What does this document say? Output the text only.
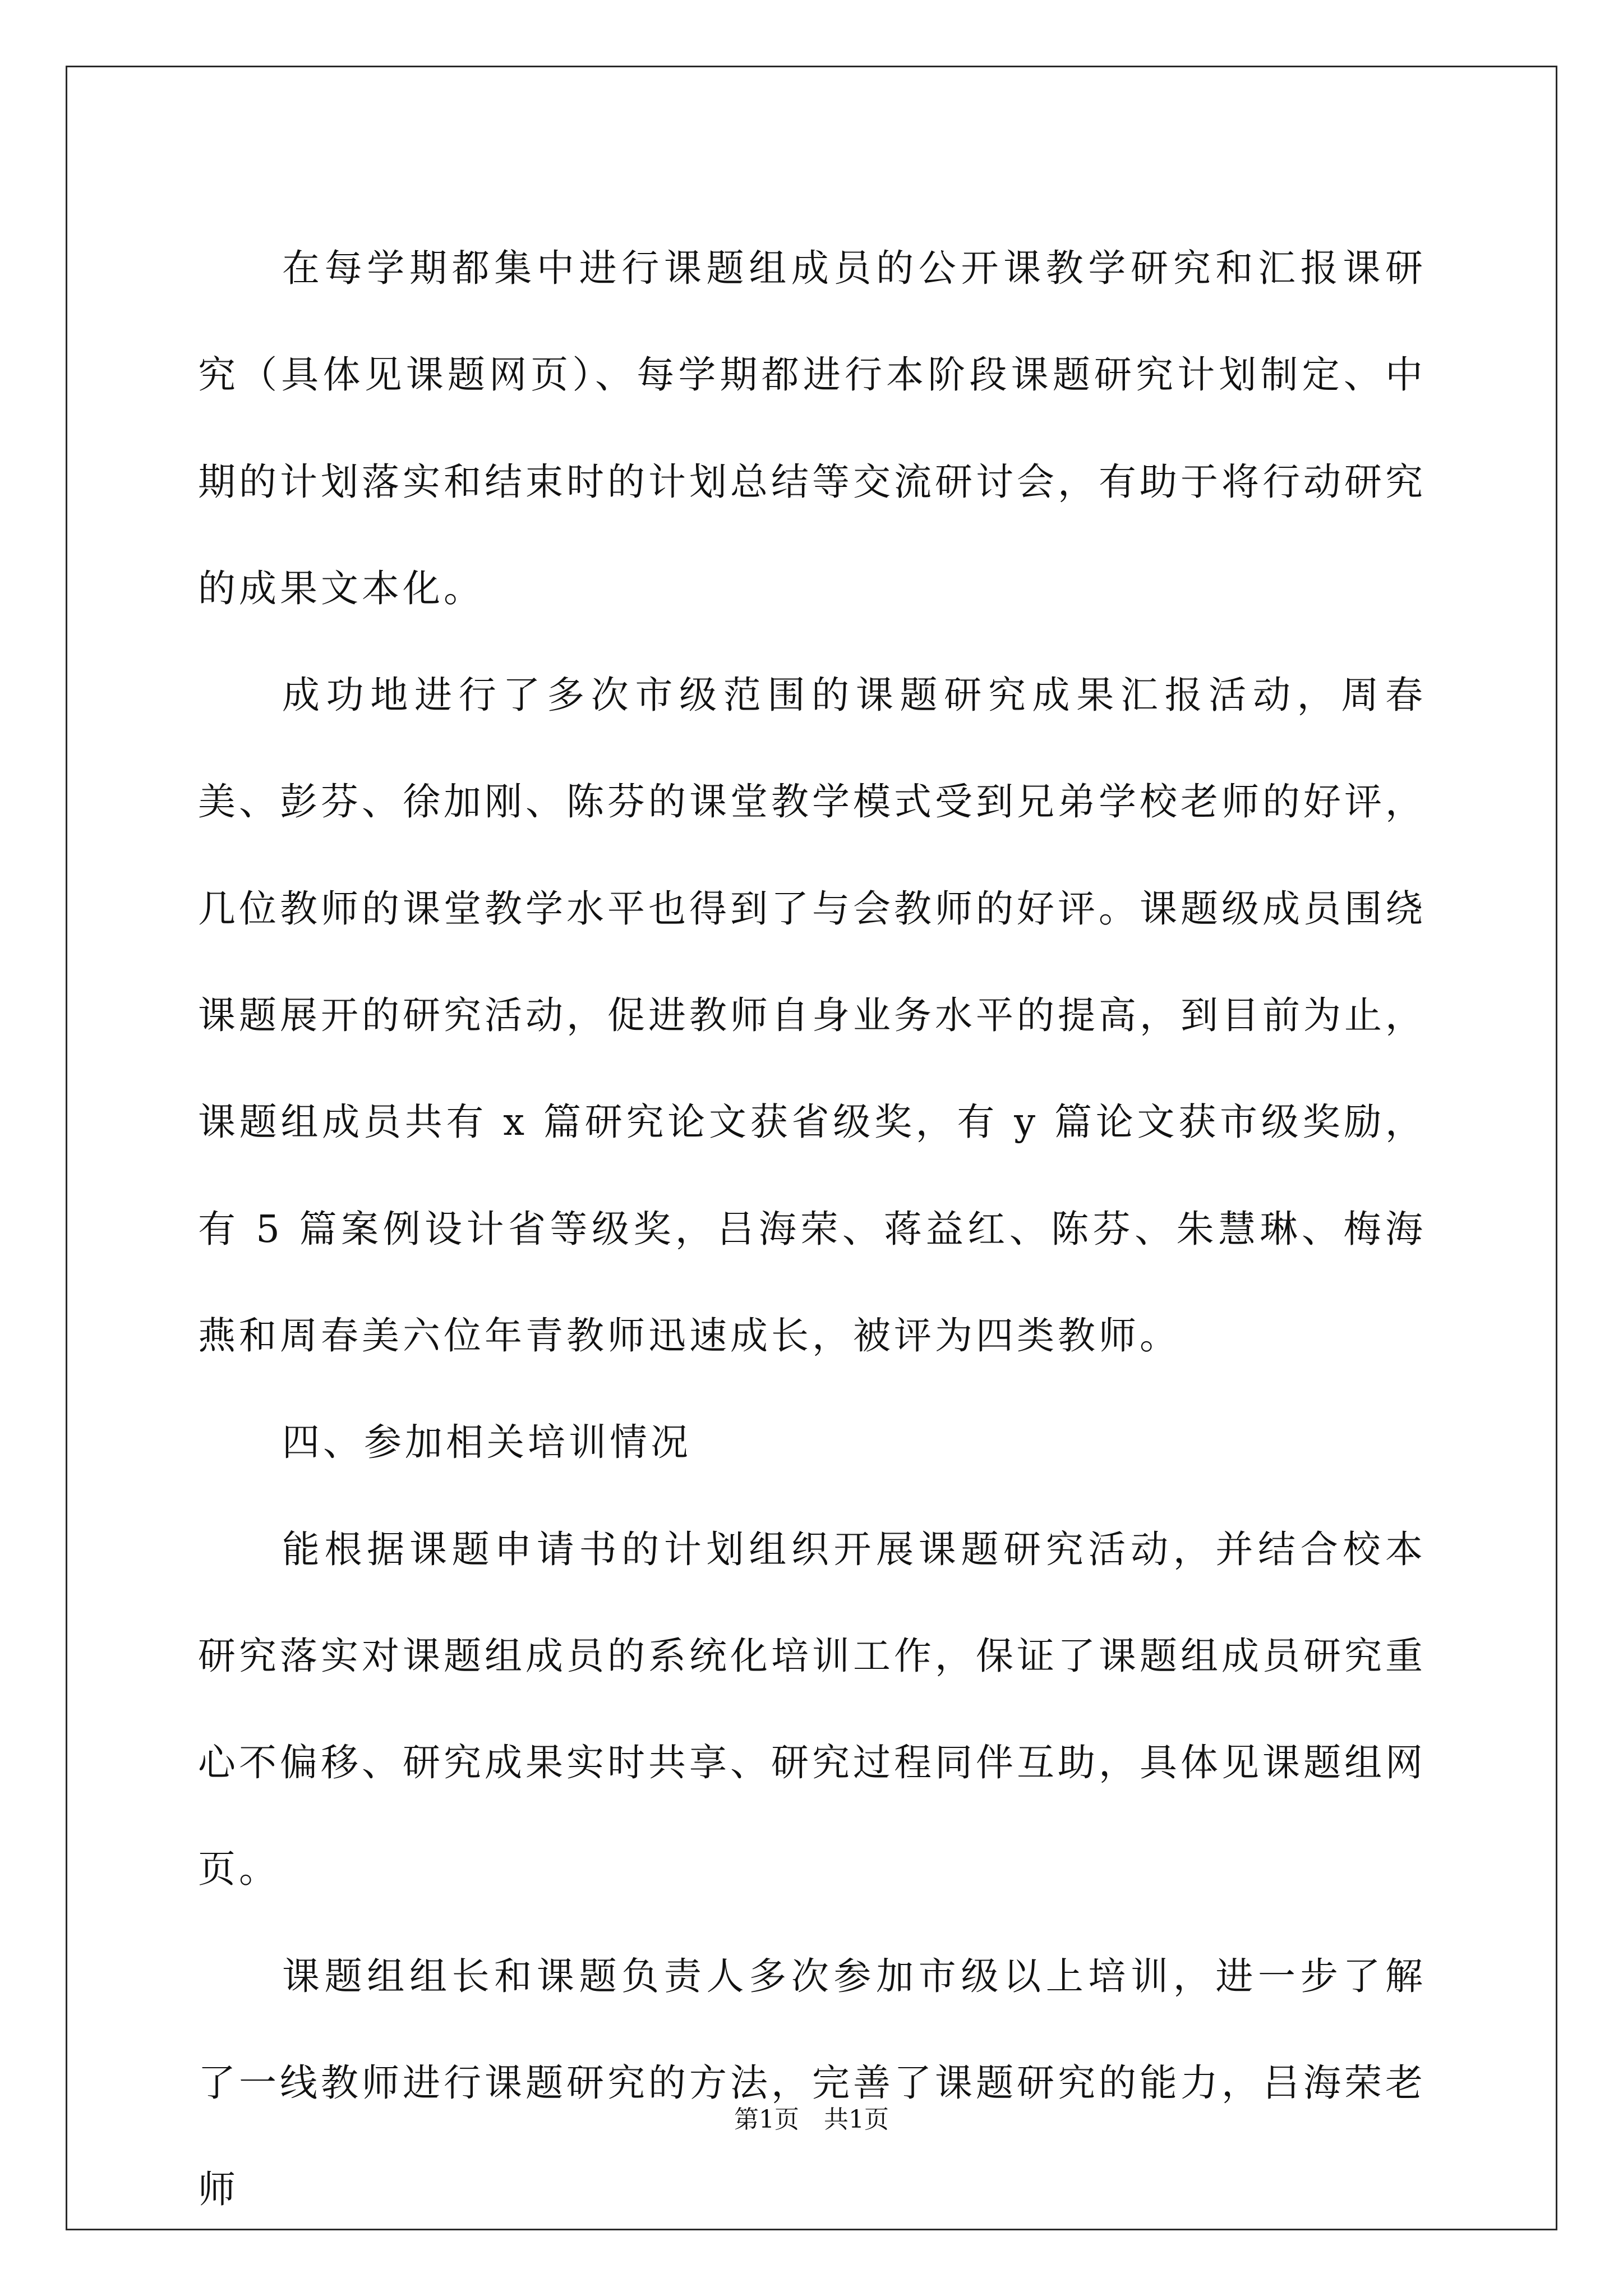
在每学期都集中进行课题组成员的公开课教学研究和汇报课研究（具体见课题网页）、每学期都进行本阶段课题研究计划制定、中期的计划落实和结束时的计划总结等交流研讨会，有助于将行动研究的成果文本化。

成功地进行了多次市级范围的课题研究成果汇报活动，周春美、彭芬、徐加刚、陈芬的课堂教学模式受到兄弟学校老师的好评，几位教师的课堂教学水平也得到了与会教师的好评。课题级成员围绕课题展开的研究活动，促进教师自身业务水平的提高，到目前为止，课题组成员共有 x 篇研究论文获省级奖，有 y 篇论文获市级奖励，有 5 篇案例设计省等级奖，吕海荣、蒋益红、陈芬、朱慧琳、梅海燕和周春美六位年青教师迅速成长，被评为四类教师。

四、参加相关培训情况

能根据课题申请书的计划组织开展课题研究活动，并结合校本研究落实对课题组成员的系统化培训工作，保证了课题组成员研究重心不偏移、研究成果实时共享、研究过程同伴互助，具体见课题组网页。

课题组组长和课题负责人多次参加市级以上培训，进一步了解了一线教师进行课题研究的方法，完善了课题研究的能力，吕海荣老师

第1页　共1页
